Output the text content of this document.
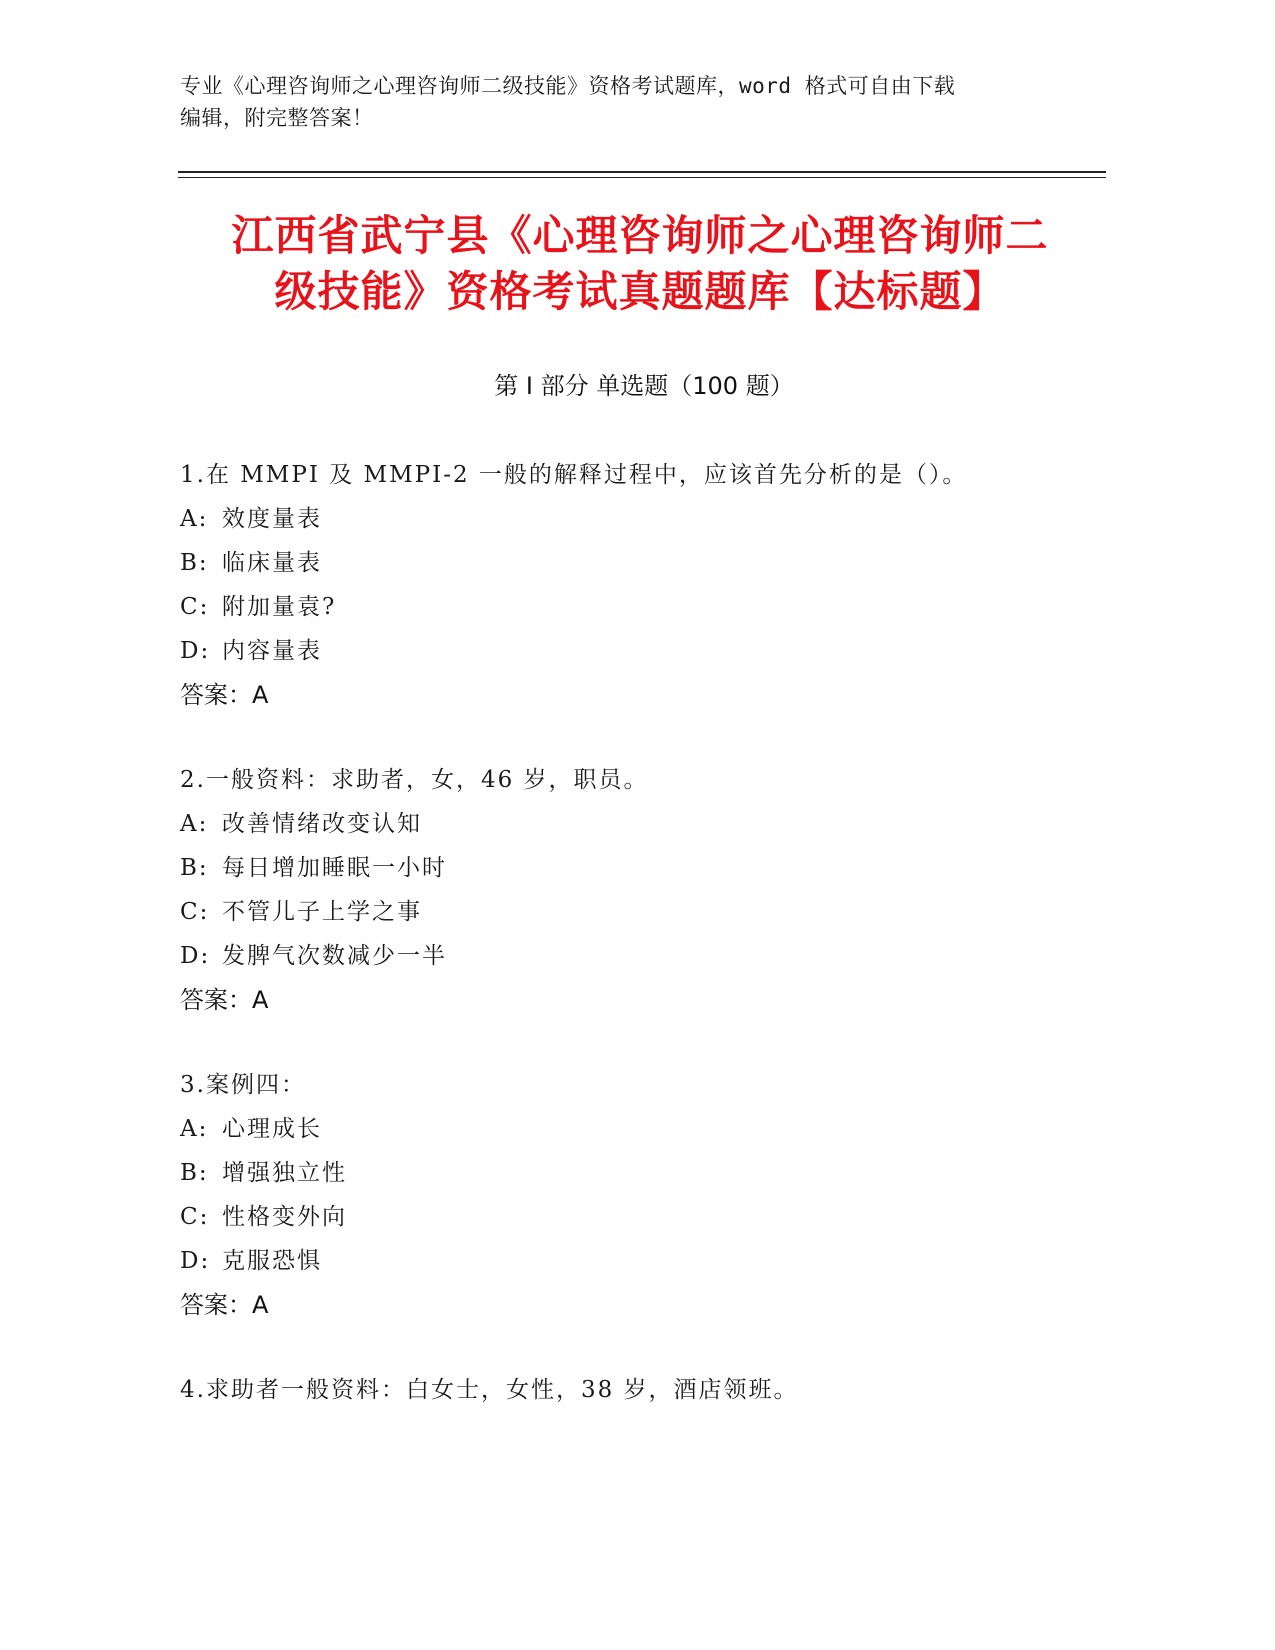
专业《心理咨询师之心理咨询师二级技能》资格考试题库，word 格式可自由下载
编辑，附完整答案！
江西省武宁县《心理咨询师之心理咨询师二
级技能》资格考试真题题库【达标题】
第 I 部分 单选题（100 题）
1.在 MMPI 及 MMPI-2 一般的解释过程中，应该首先分析的是（）。
A: 效度量表
B: 临床量表
C: 附加量袁?
D: 内容量表
答案：A
2.一般资料：求助者，女，46 岁，职员。
A: 改善情绪改变认知
B: 每日增加睡眠一小时
C: 不管儿子上学之事
D: 发脾气次数减少一半
答案：A
3.案例四：
A: 心理成长
B: 增强独立性
C: 性格变外向
D: 克服恐惧
答案：A
4.求助者一般资料：白女士，女性，38 岁，酒店领班。
